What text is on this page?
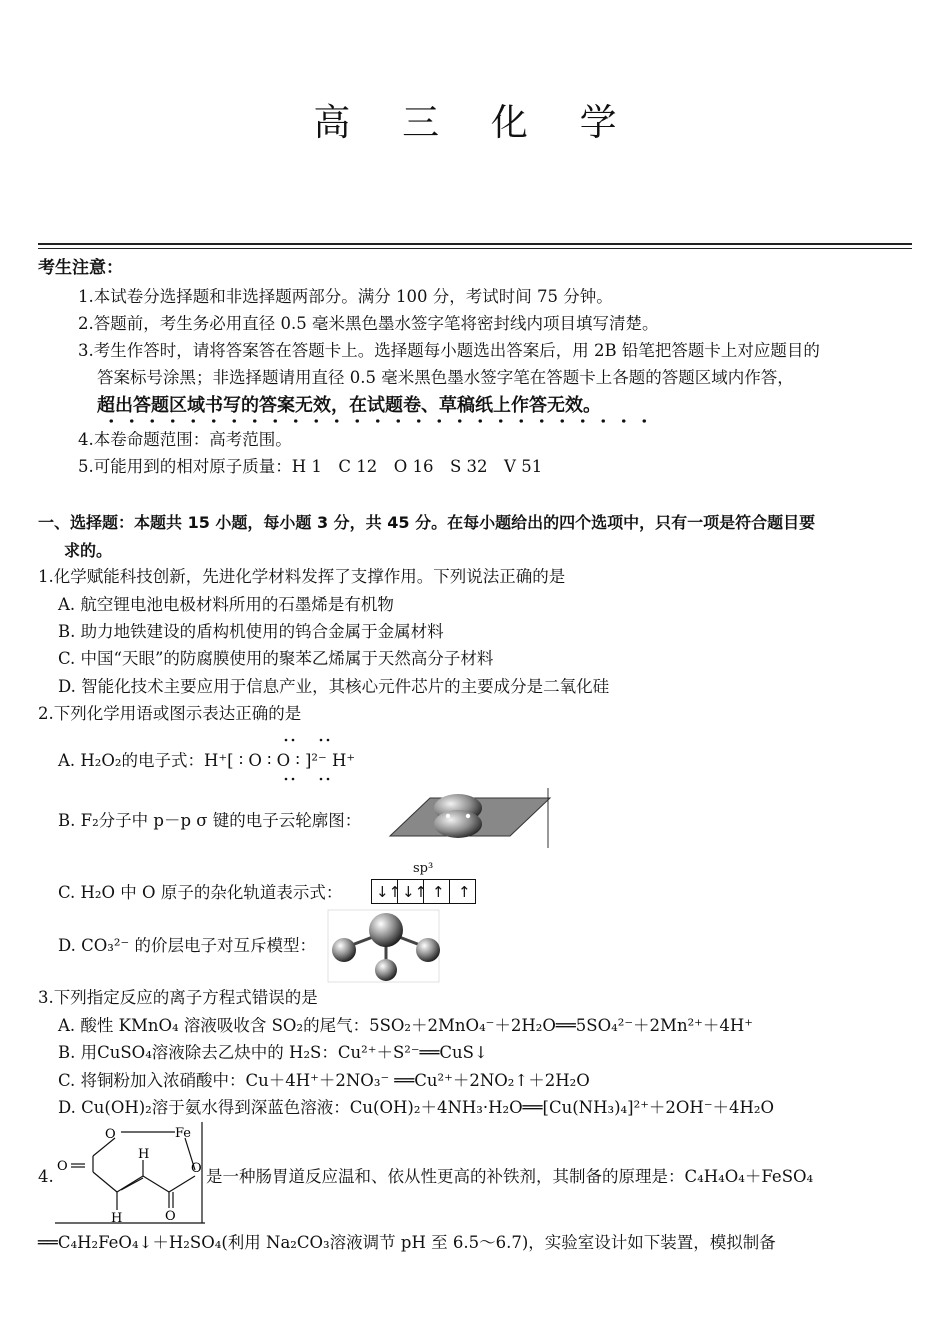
高 三 化 学
考生注意：
1.本试卷分选择题和非选择题两部分。满分 100 分，考试时间 75 分钟。
2.答题前，考生务必用直径 0.5 毫米黑色墨水签字笔将密封线内项目填写清楚。
3.考生作答时，请将答案答在答题卡上。选择题每小题选出答案后，用 2B 铅笔把答题卡上对应题目的
答案标号涂黑；非选择题请用直径 0.5 毫米黑色墨水签字笔在答题卡上各题的答题区域内作答，
超出答题区域书写的答案无效，在试题卷、草稿纸上作答无效。
4.本卷命题范围：高考范围。
5.可能用到的相对原子质量：H 1　C 12　O 16　S 32　V 51
一、选择题：本题共 15 小题，每小题 3 分，共 45 分。在每小题给出的四个选项中，只有一项是符合题目要
求的。
1.化学赋能科技创新，先进化学材料发挥了支撑作用。下列说法正确的是
A. 航空锂电池电极材料所用的石墨烯是有机物
B. 助力地铁建设的盾构机使用的钨合金属于金属材料
C. 中国“天眼”的防腐膜使用的聚苯乙烯属于天然高分子材料
D. 智能化技术主要应用于信息产业，其核心元件芯片的主要成分是二氧化硅
2.下列化学用语或图示表达正确的是
A. H₂O₂的电子式：H⁺[ ∶ O ∶ O ∶ ]²⁻ H⁺
B. F₂分子中 p－p σ 键的电子云轮廓图：
C. H₂O 中 O 原子的杂化轨道表示式：
sp³
↓↑ ↓↑ ↑ ↑
D. CO₃²⁻ 的价层电子对互斥模型：
3.下列指定反应的离子方程式错误的是
A. 酸性 KMnO₄ 溶液吸收含 SO₂的尾气：5SO₂＋2MnO₄⁻＋2H₂O══5SO₄²⁻＋2Mn²⁺＋4H⁺
B. 用CuSO₄溶液除去乙炔中的 H₂S：Cu²⁺＋S²⁻══CuS↓
C. 将铜粉加入浓硝酸中：Cu＋4H⁺＋2NO₃⁻ ══Cu²⁺＋2NO₂↑＋2H₂O
D. Cu(OH)₂溶于氨水得到深蓝色溶液：Cu(OH)₂＋4NH₃·H₂O══[Cu(NH₃)₄]²⁺＋2OH⁻＋4H₂O
4.
O	Fe
O
H
O
H	O
是一种肠胃道反应温和、依从性更高的补铁剂，其制备的原理是：C₄H₄O₄＋FeSO₄
══C₄H₂FeO₄↓＋H₂SO₄(利用 Na₂CO₃溶液调节 pH 至 6.5～6.7)，实验室设计如下装置，模拟制备
